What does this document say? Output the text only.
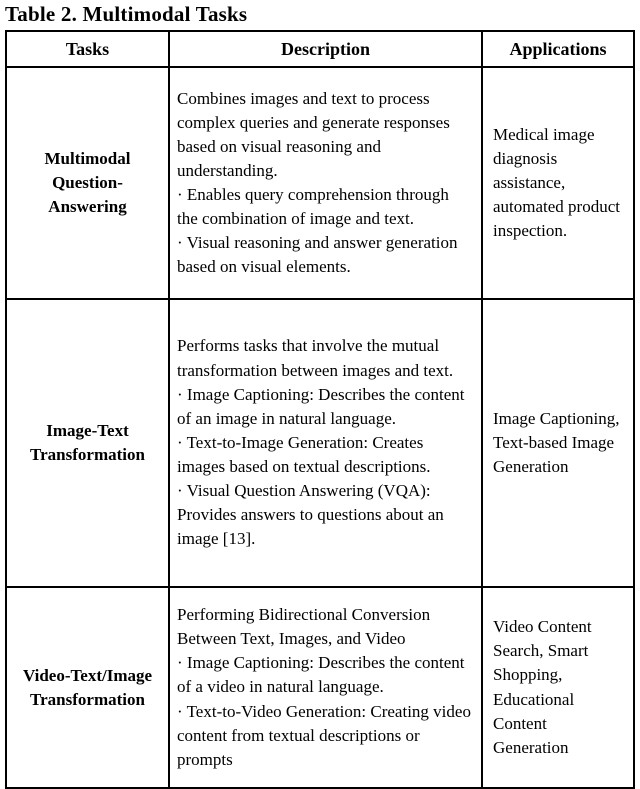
Table 2. Multimodal Tasks
Tasks	Description	Applications
Multimodal Question-Answering	Combines images and text to process complex queries and generate responses based on visual reasoning and understanding.

· Enables query comprehension through the combination of image and text.

· Visual reasoning and answer generation based on visual elements.	Medical image diagnosis assistance, automated product inspection.
Image-Text Transformation	Performs tasks that involve the mutual transformation between images and text.

· Image Captioning: Describes the content of an image in natural language.

· Text-to-Image Generation: Creates images based on textual descriptions.

· Visual Question Answering (VQA): Provides answers to questions about an image [13].	Image Captioning, Text-based Image Generation
Video-Text/Image Transformation	Performing Bidirectional Conversion Between Text, Images, and Video

· Image Captioning: Describes the content of a video in natural language.

· Text-to-Video Generation: Creating video content from textual descriptions or prompts	Video Content Search, Smart Shopping, Educational Content Generation
